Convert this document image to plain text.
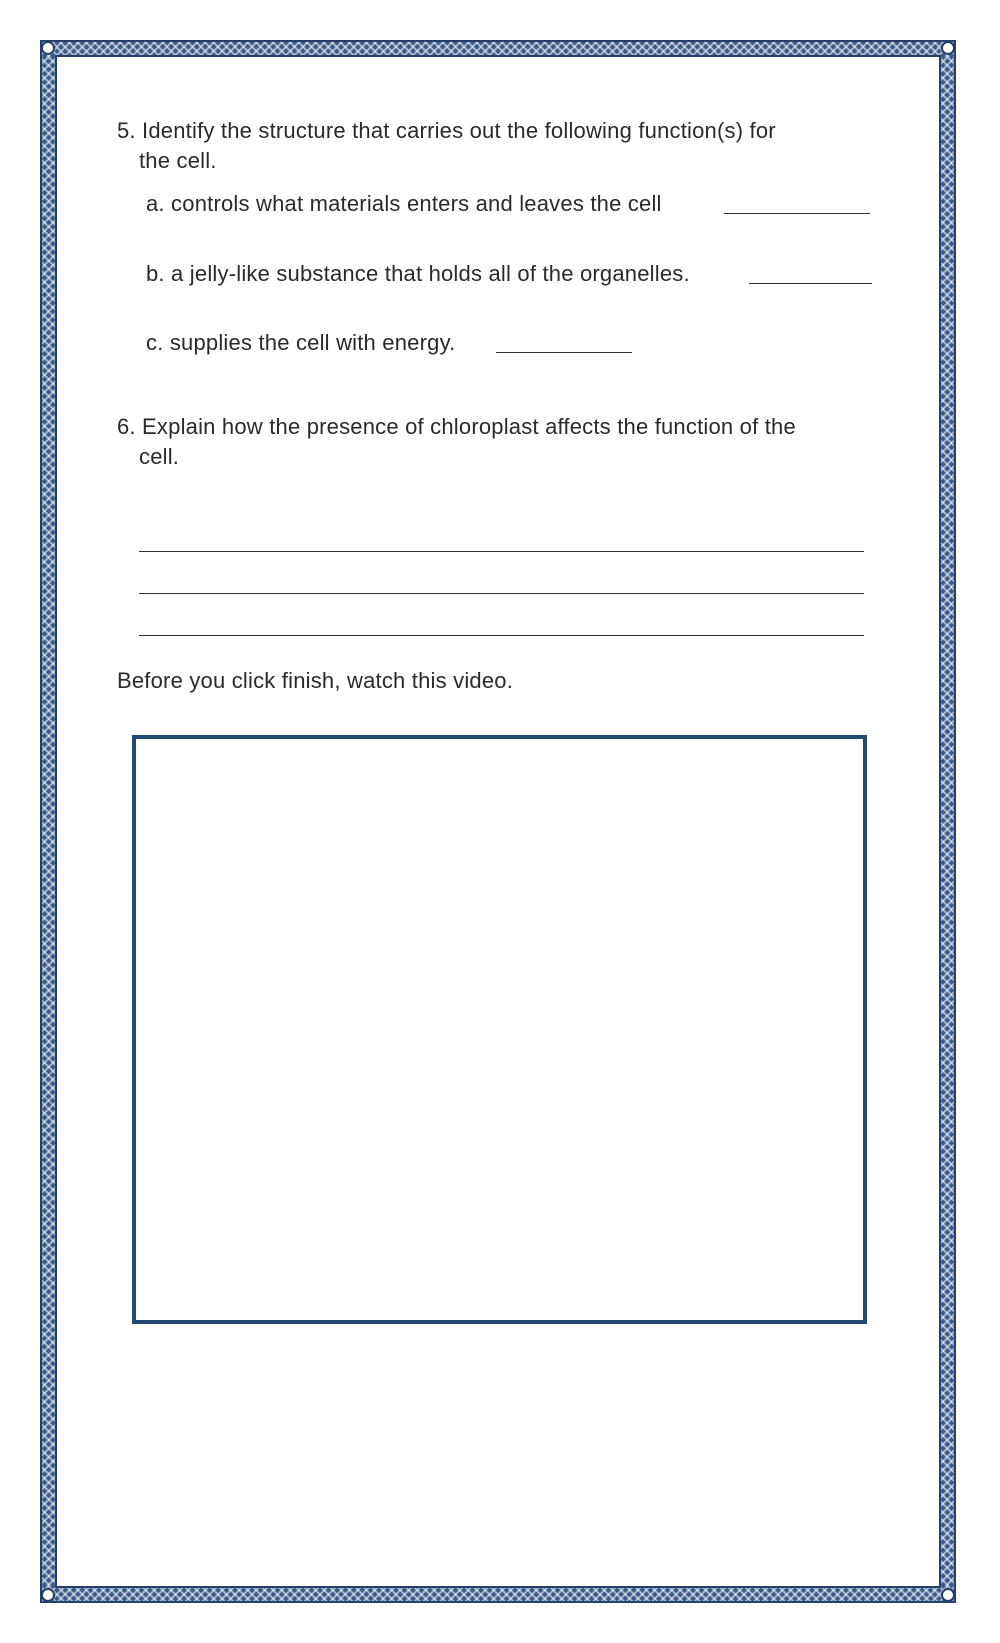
5. Identify the structure that carries out the following function(s) for
the cell.
a. controls what materials enters and leaves the cell
b. a jelly-like substance that holds all of the organelles.
c. supplies the cell with energy.
6. Explain how the presence of chloroplast affects the function of the
cell.
Before you click finish, watch this video.
